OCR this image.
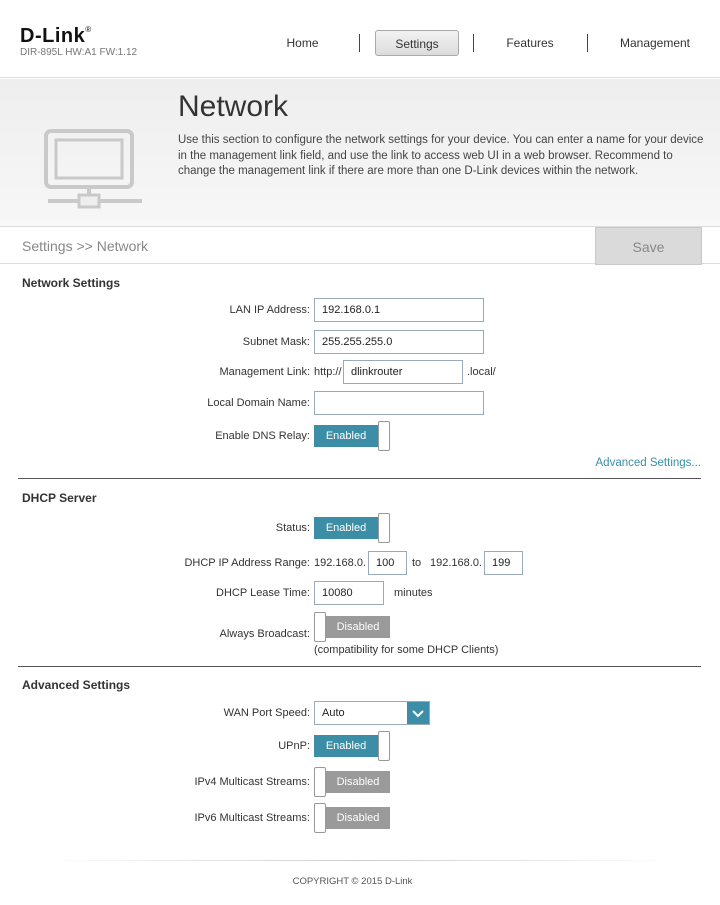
D-Link®
DIR-895L HW:A1 FW:1.12
Home	Settings	Features	Management
Network
Use this section to configure the network settings for your device. You can enter a name for your device in the management link field, and use the link to access web UI in a web browser. Recommend to change the management link if there are more than one D-Link devices within the network.
Settings >> Network	Save
Network Settings
LAN IP Address:	192.168.0.1
Subnet Mask:	255.255.255.0
Management Link: http:// dlinkrouter	.local/
Local Domain Name:
Enable DNS Relay:	Enabled
Advanced Settings...
DHCP Server
Status:	Enabled
DHCP IP Address Range: 192.168.0. 100	to 192.168.0. 199
DHCP Lease Time:	10080	minutes
Always Broadcast:
Disabled
(compatibility for some DHCP Clients)
Advanced Settings
WAN Port Speed: Auto
UPnP:	Enabled
IPv4 Multicast Streams:	Disabled
IPv6 Multicast Streams:	Disabled
COPYRIGHT © 2015 D-Link
